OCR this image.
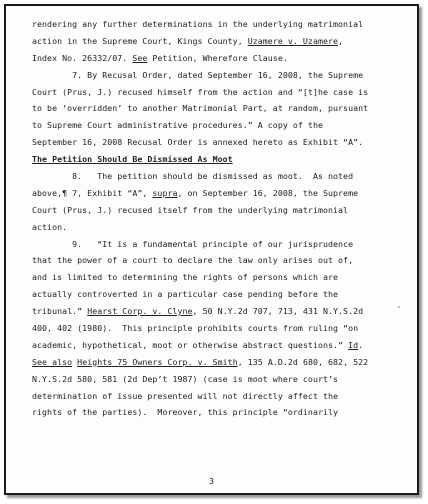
rendering any further determinations in the underlying matrimonial
action in the Supreme Court, Kings County, Uzamere v. Uzamere,
Index No. 26332/07. See Petition, Wherefore Clause.
7. By Recusal Order, dated September 16, 2008, the Supreme
Court (Prus, J.) recused himself from the action and “[t]he case is
to be ‘overridden’ to another Matrimonial Part, at random, pursuant
to Supreme Court administrative procedures.” A copy of the
September 16, 2008 Recusal Order is annexed hereto as Exhibit “A”.
The Petition Should Be Dismissed As Moot
8.   The petition should be dismissed as moot.  As noted
above,¶ 7, Exhibit “A”, supra, on September 16, 2008, the Supreme
Court (Prus, J.) recused itself from the underlying matrimonial
action.
9.   “It is a fundamental principle of our jurisprudence
that the power of a court to declare the law only arises out of,
and is limited to determining the rights of persons which are
actually controverted in a particular case pending before the
tribunal.” Hearst Corp. v. Clyne, 50 N.Y.2d 707, 713, 431 N.Y.S.2d
400, 402 (1980).  This principle prohibits courts from ruling “on
academic, hypothetical, moot or otherwise abstract questions.” Id.
See also Heights 75 Owners Corp. v. Smith, 135 A.D.2d 680, 682, 522
N.Y.S.2d 580, 581 (2d Dep’t 1987) (case is moot where court’s
determination of issue presented will not directly affect the
rights of the parties).  Moreover, this principle “ordinarily
3
